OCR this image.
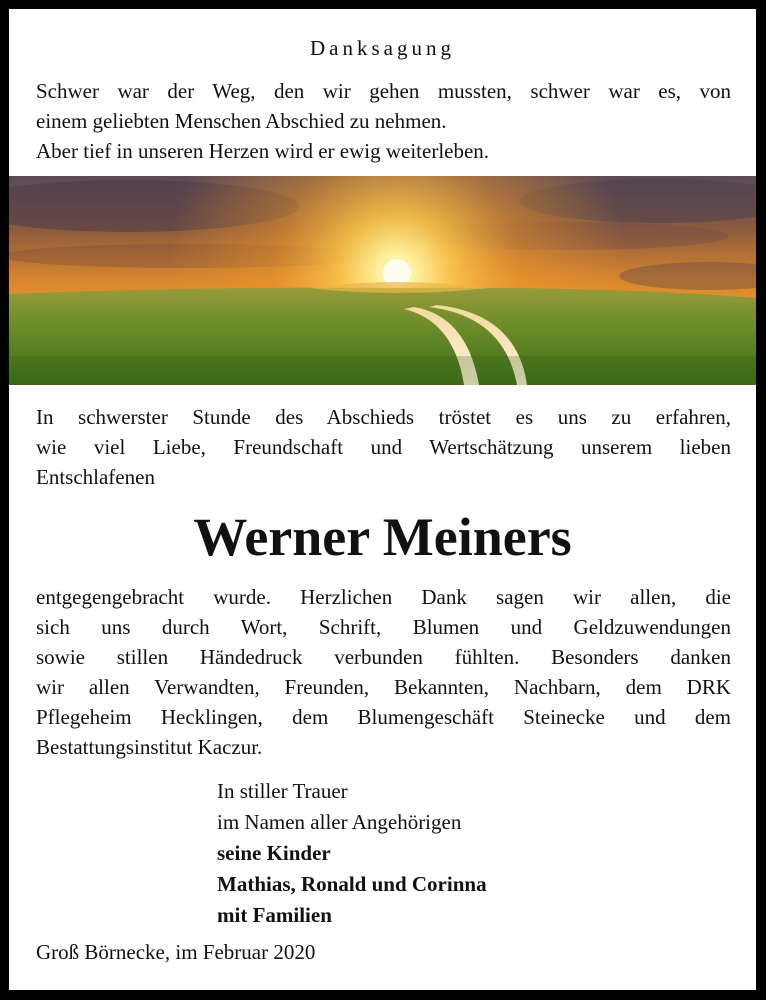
Danksagung

Schwer war der Weg, den wir gehen mussten, schwer war es, von
einem geliebten Menschen Abschied zu nehmen.
Aber tief in unseren Herzen wird er ewig weiterleben.

In schwerster Stunde des Abschieds tröstet es uns zu erfahren,
wie viel Liebe, Freundschaft und Wertschätzung unserem lieben
Entschlafenen

Werner Meiners

entgegengebracht wurde. Herzlichen Dank sagen wir allen, die
sich uns durch Wort, Schrift, Blumen und Geldzuwendungen
sowie stillen Händedruck verbunden fühlten. Besonders danken
wir allen Verwandten, Freunden, Bekannten, Nachbarn, dem DRK
Pflegeheim Hecklingen, dem Blumengeschäft Steinecke und dem
Bestattungsinstitut Kaczur.

In stiller Trauer
im Namen aller Angehörigen
seine Kinder
Mathias, Ronald und Corinna
mit Familien

Groß Börnecke, im Februar 2020
